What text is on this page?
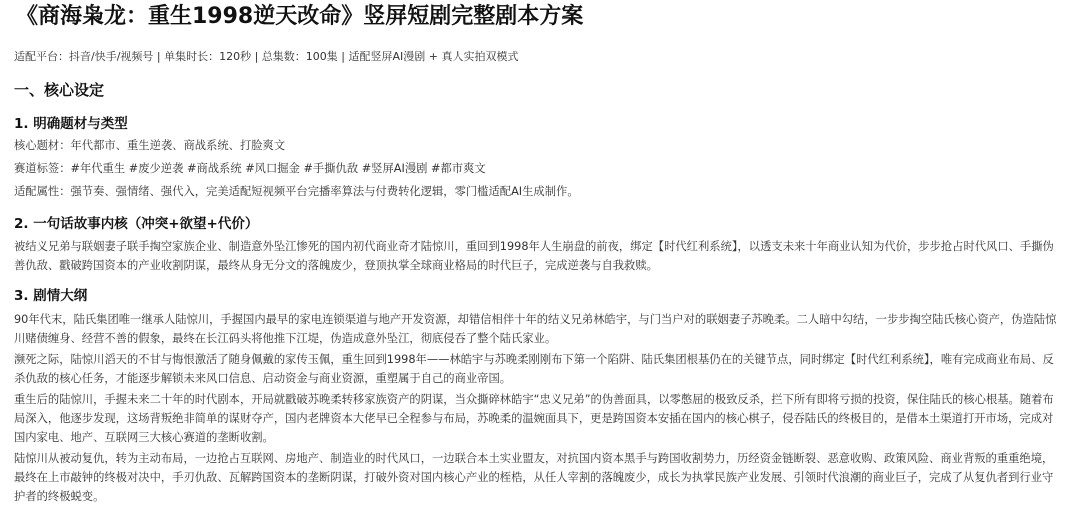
《商海枭龙：重生1998逆天改命》竖屏短剧完整剧本方案
适配平台：抖音/快手/视频号 | 单集时长：120秒 | 总集数：100集 | 适配竖屏AI漫剧 + 真人实拍双模式
一、核心设定
1. 明确题材与类型
核心题材：年代都市、重生逆袭、商战系统、打脸爽文
赛道标签：#年代重生 #废少逆袭 #商战系统 #风口掘金 #手撕仇敌 #竖屏AI漫剧 #都市爽文
适配属性：强节奏、强情绪、强代入，完美适配短视频平台完播率算法与付费转化逻辑，零门槛适配AI生成制作。
2. 一句话故事内核（冲突+欲望+代价）
被结义兄弟与联姻妻子联手掏空家族企业、制造意外坠江惨死的国内初代商业奇才陆惊川，重回到1998年人生崩盘的前夜，绑定【时代红利系统】，以透支未来十年商业认知为代价，步步抢占时代风口、手撕伪善仇敌、戳破跨国资本的产业收割阴谋，最终从身无分文的落魄废少，登顶执掌全球商业格局的时代巨子，完成逆袭与自我救赎。
3. 剧情大纲
90年代末，陆氏集团唯一继承人陆惊川，手握国内最早的家电连锁渠道与地产开发资源，却错信相伴十年的结义兄弟林皓宇，与门当户对的联姻妻子苏晚柔。二人暗中勾结，一步步掏空陆氏核心资产，伪造陆惊川赌债缠身、经营不善的假象，最终在长江码头将他推下江堤，伪造成意外坠江，彻底侵吞了整个陆氏家业。
濒死之际，陆惊川滔天的不甘与悔恨激活了随身佩戴的家传玉佩，重生回到1998年——林皓宇与苏晚柔刚刚布下第一个陷阱、陆氏集团根基仍在的关键节点，同时绑定【时代红利系统】，唯有完成商业布局、反杀仇敌的核心任务，才能逐步解锁未来风口信息、启动资金与商业资源，重塑属于自己的商业帝国。
重生后的陆惊川，手握未来二十年的时代剧本，开局就戳破苏晚柔转移家族资产的阴谋，当众撕碎林皓宇“忠义兄弟”的伪善面具，以零憋屈的极致反杀，拦下所有即将亏损的投资，保住陆氏的核心根基。随着布局深入，他逐步发现，这场背叛绝非简单的谋财夺产，国内老牌资本大佬早已全程参与布局，苏晚柔的温婉面具下，更是跨国资本安插在国内的核心棋子，侵吞陆氏的终极目的，是借本土渠道打开市场，完成对国内家电、地产、互联网三大核心赛道的垄断收割。
陆惊川从被动复仇，转为主动布局，一边抢占互联网、房地产、制造业的时代风口，一边联合本土实业盟友，对抗国内资本黑手与跨国收割势力，历经资金链断裂、恶意收购、政策风险、商业背叛的重重绝境，最终在上市敲钟的终极对决中，手刃仇敌、瓦解跨国资本的垄断阴谋，打破外资对国内核心产业的桎梏，从任人宰割的落魄废少，成长为执掌民族产业发展、引领时代浪潮的商业巨子，完成了从复仇者到行业守护者的终极蜕变。
